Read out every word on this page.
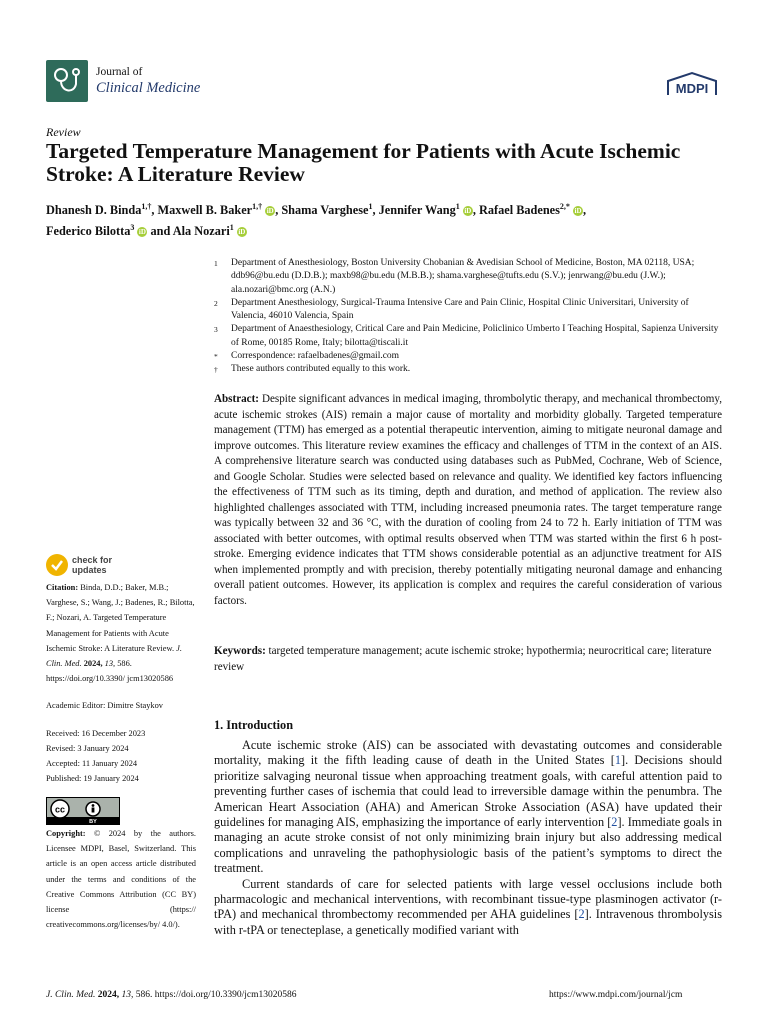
Journal of
Clinical Medicine	MDPI
Review
Targeted Temperature Management for Patients with Acute Ischemic Stroke: A Literature Review
Dhanesh D. Binda$^{1,\dagger}$, Maxwell B. Baker$^{1,\dagger}$ iD , Shama Varghese$^1$, Jennifer Wang$^1$ iD , Rafael Badenes$^{2,*}$ iD ,
Federico Bilotta$^3$ iD and Ala Nozari$^1$ iD
1	Department of Anesthesiology, Boston University Chobanian & Avedisian School of Medicine, Boston, MA 02118, USA; ddb96@bu.edu (D.D.B.); maxb98@bu.edu (M.B.B.); shama.varghese@tufts.edu (S.V.); jenrwang@bu.edu (J.W.); ala.nozari@bmc.org (A.N.)
2	Department Anesthesiology, Surgical-Trauma Intensive Care and Pain Clinic, Hospital Clinic Universitari, University of Valencia, 46010 Valencia, Spain
3	Department of Anaesthesiology, Critical Care and Pain Medicine, Policlinico Umberto I Teaching Hospital, Sapienza University of Rome, 00185 Rome, Italy; bilotta@tiscali.it
*	Correspondence: rafaelbadenes@gmail.com
†	These authors contributed equally to this work.
Abstract: Despite significant advances in medical imaging, thrombolytic therapy, and mechanical thrombectomy, acute ischemic strokes (AIS) remain a major cause of mortality and morbidity globally. Targeted temperature management (TTM) has emerged as a potential therapeutic intervention, aiming to mitigate neuronal damage and improve outcomes. This literature review examines the efficacy and challenges of TTM in the context of an AIS. A comprehensive literature search was conducted using databases such as PubMed, Cochrane, Web of Science, and Google Scholar. Studies were selected based on relevance and quality. We identified key factors influencing the effectiveness of TTM such as its timing, depth and duration, and method of application. The review also highlighted challenges associated with TTM, including increased pneumonia rates. The target temperature range was typically between 32 and 36 °C, with the duration of cooling from 24 to 72 h. Early initiation of TTM was associated with better outcomes, with optimal results observed when TTM was started within the first 6 h post-stroke. Emerging evidence indicates that TTM shows considerable potential as an adjunctive treatment for AIS when implemented promptly and with precision, thereby potentially mitigating neuronal damage and enhancing overall patient outcomes. However, its application is complex and requires the careful consideration of various factors.
Keywords: targeted temperature management; acute ischemic stroke; hypothermia; neurocritical care; literature review
check for
updates

Citation: Binda, D.D.; Baker, M.B.; Varghese, S.; Wang, J.; Badenes, R.; Bilotta, F.; Nozari, A. Targeted Temperature Management for Patients with Acute Ischemic Stroke: A Literature Review. J. Clin. Med. 2024, 13, 586. https://doi.org/10.3390/ jcm13020586

Academic Editor: Dimitre Staykov

Received: 16 December 2023

Revised: 3 January 2024

Accepted: 11 January 2024

Published: 19 January 2024

cc
BY
Copyright: © 2024 by the authors. Licensee MDPI, Basel, Switzerland. This article is an open access article distributed under the terms and conditions of the Creative Commons Attribution (CC BY) license (https:// creativecommons.org/licenses/by/ 4.0/).
1. Introduction

Acute ischemic stroke (AIS) can be associated with devastating outcomes and considerable mortality, making it the fifth leading cause of death in the United States [1]. Decisions should prioritize salvaging neuronal tissue when approaching treatment goals, with careful attention paid to preventing further cases of ischemia that could lead to irreversible damage within the penumbra. The American Heart Association (AHA) and American Stroke Association (ASA) have updated their guidelines for managing AIS, emphasizing the importance of early intervention [2]. Immediate goals in managing an acute stroke consist of not only minimizing brain injury but also addressing medical complications and unraveling the pathophysiologic basis of the patient’s symptoms to direct the treatment.

Current standards of care for selected patients with large vessel occlusions include both pharmacologic and mechanical interventions, with recombinant tissue-type plasminogen activator (r-tPA) and mechanical thrombectomy recommended per AHA guidelines [2]. Intravenous thrombolysis with r-tPA or tenecteplase, a genetically modified variant with

J. Clin. Med. 2024, 13, 586. https://doi.org/10.3390/jcm13020586	https://www.mdpi.com/journal/jcm
